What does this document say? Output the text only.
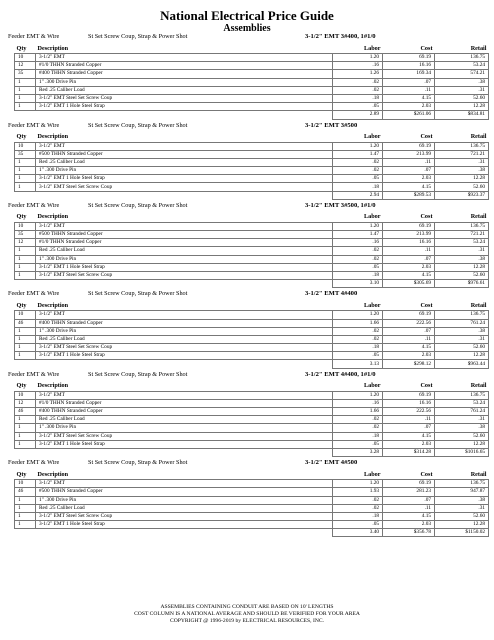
National Electrical Price Guide
Assemblies
Feeder EMT & Wire	St Set Screw Coup, Strap & Power Shot	3-1/2" EMT 3#400, 1#1/0
Qty	Description		Labor	Cost	Retail
10	3-1/2" EMT		1.20	69.19	136.75
12	#1/0 THHN Stranded Copper		.16	16.16	53.24
35	#400 THHN Stranded Copper		1.26	169.34	574.21
1	1" .300 Drive Pin		.02	.07	.38
1	Red .25 Caliber Load		.02	.11	.31
1	3-1/2" EMT Steel Set Screw Coup		.18	4.15	52.60
1	3-1/2" EMT 1 Hole Steel Strap		.05	2.03	12.28
			2.89	$261.06	$834.81
Feeder EMT & Wire	St Set Screw Coup, Strap & Power Shot	3-1/2" EMT 3#500
Qty	Description		Labor	Cost	Retail
10	3-1/2" EMT		1.20	69.19	136.75
35	#500 THHN Stranded Copper		1.47	213.99	721.21
1	Red .25 Caliber Load		.02	.11	.31
1	1" .300 Drive Pin		.02	.07	.38
1	3-1/2" EMT 1 Hole Steel Strap		.05	2.03	12.28
1	3-1/2" EMT Steel Set Screw Coup		.18	4.15	52.60
			2.94	$289.53	$923.37
Feeder EMT & Wire	St Set Screw Coup, Strap & Power Shot	3-1/2" EMT 3#500, 1#1/0
Qty	Description		Labor	Cost	Retail
10	3-1/2" EMT		1.20	69.19	136.75
35	#500 THHN Stranded Copper		1.47	213.99	721.21
12	#1/0 THHN Stranded Copper		.16	16.16	53.24
1	Red .25 Caliber Load		.02	.11	.31
1	1" .300 Drive Pin		.02	.07	.38
1	3-1/2" EMT 1 Hole Steel Strap		.05	2.03	12.28
1	3-1/2" EMT Steel Set Screw Coup		.18	4.15	52.60
			3.10	$305.69	$976.61
Feeder EMT & Wire	St Set Screw Coup, Strap & Power Shot	3-1/2" EMT 4#400
Qty	Description		Labor	Cost	Retail
10	3-1/2" EMT		1.20	69.19	136.75
46	#400 THHN Stranded Copper		1.66	222.56	761.24
1	1" .300 Drive Pin		.02	.07	.38
1	Red .25 Caliber Load		.02	.11	.31
1	3-1/2" EMT Steel Set Screw Coup		.18	4.15	52.60
1	3-1/2" EMT 1 Hole Steel Strap		.05	2.03	12.28
			3.13	$298.12	$963.44
Feeder EMT & Wire	St Set Screw Coup, Strap & Power Shot	3-1/2" EMT 4#400, 1#1/0
Qty	Description		Labor	Cost	Retail
10	3-1/2" EMT		1.20	69.19	136.75
12	#1/0 THHN Stranded Copper		.16	16.16	53.24
46	#400 THHN Stranded Copper		1.66	222.56	761.24
1	Red .25 Caliber Load		.02	.11	.31
1	1" .300 Drive Pin		.02	.07	.38
1	3-1/2" EMT Steel Set Screw Coup		.18	4.15	52.60
1	3-1/2" EMT 1 Hole Steel Strap		.05	2.03	12.28
			3.28	$314.28	$1016.65
Feeder EMT & Wire	St Set Screw Coup, Strap & Power Shot	3-1/2" EMT 4#500
Qty	Description		Labor	Cost	Retail
10	3-1/2" EMT		1.20	69.19	136.75
46	#500 THHN Stranded Copper		1.93	281.23	947.87
1	1" .300 Drive Pin		.02	.07	.38
1	Red .25 Caliber Load		.02	.11	.31
1	3-1/2" EMT Steel Set Screw Coup		.18	4.15	52.60
1	3-1/2" EMT 1 Hole Steel Strap		.05	2.03	12.28
			3.40	$356.78	$1150.02
ASSEMBLIES CONTAINING CONDUIT ARE BASED ON 10' LENGTHS
COST COLUMN IS A NATIONAL AVERAGE AND SHOULD BE VERIFIED FOR YOUR AREA
COPYRIGHT @ 1996-2019 by ELECTRICAL RESOURCES, INC.
